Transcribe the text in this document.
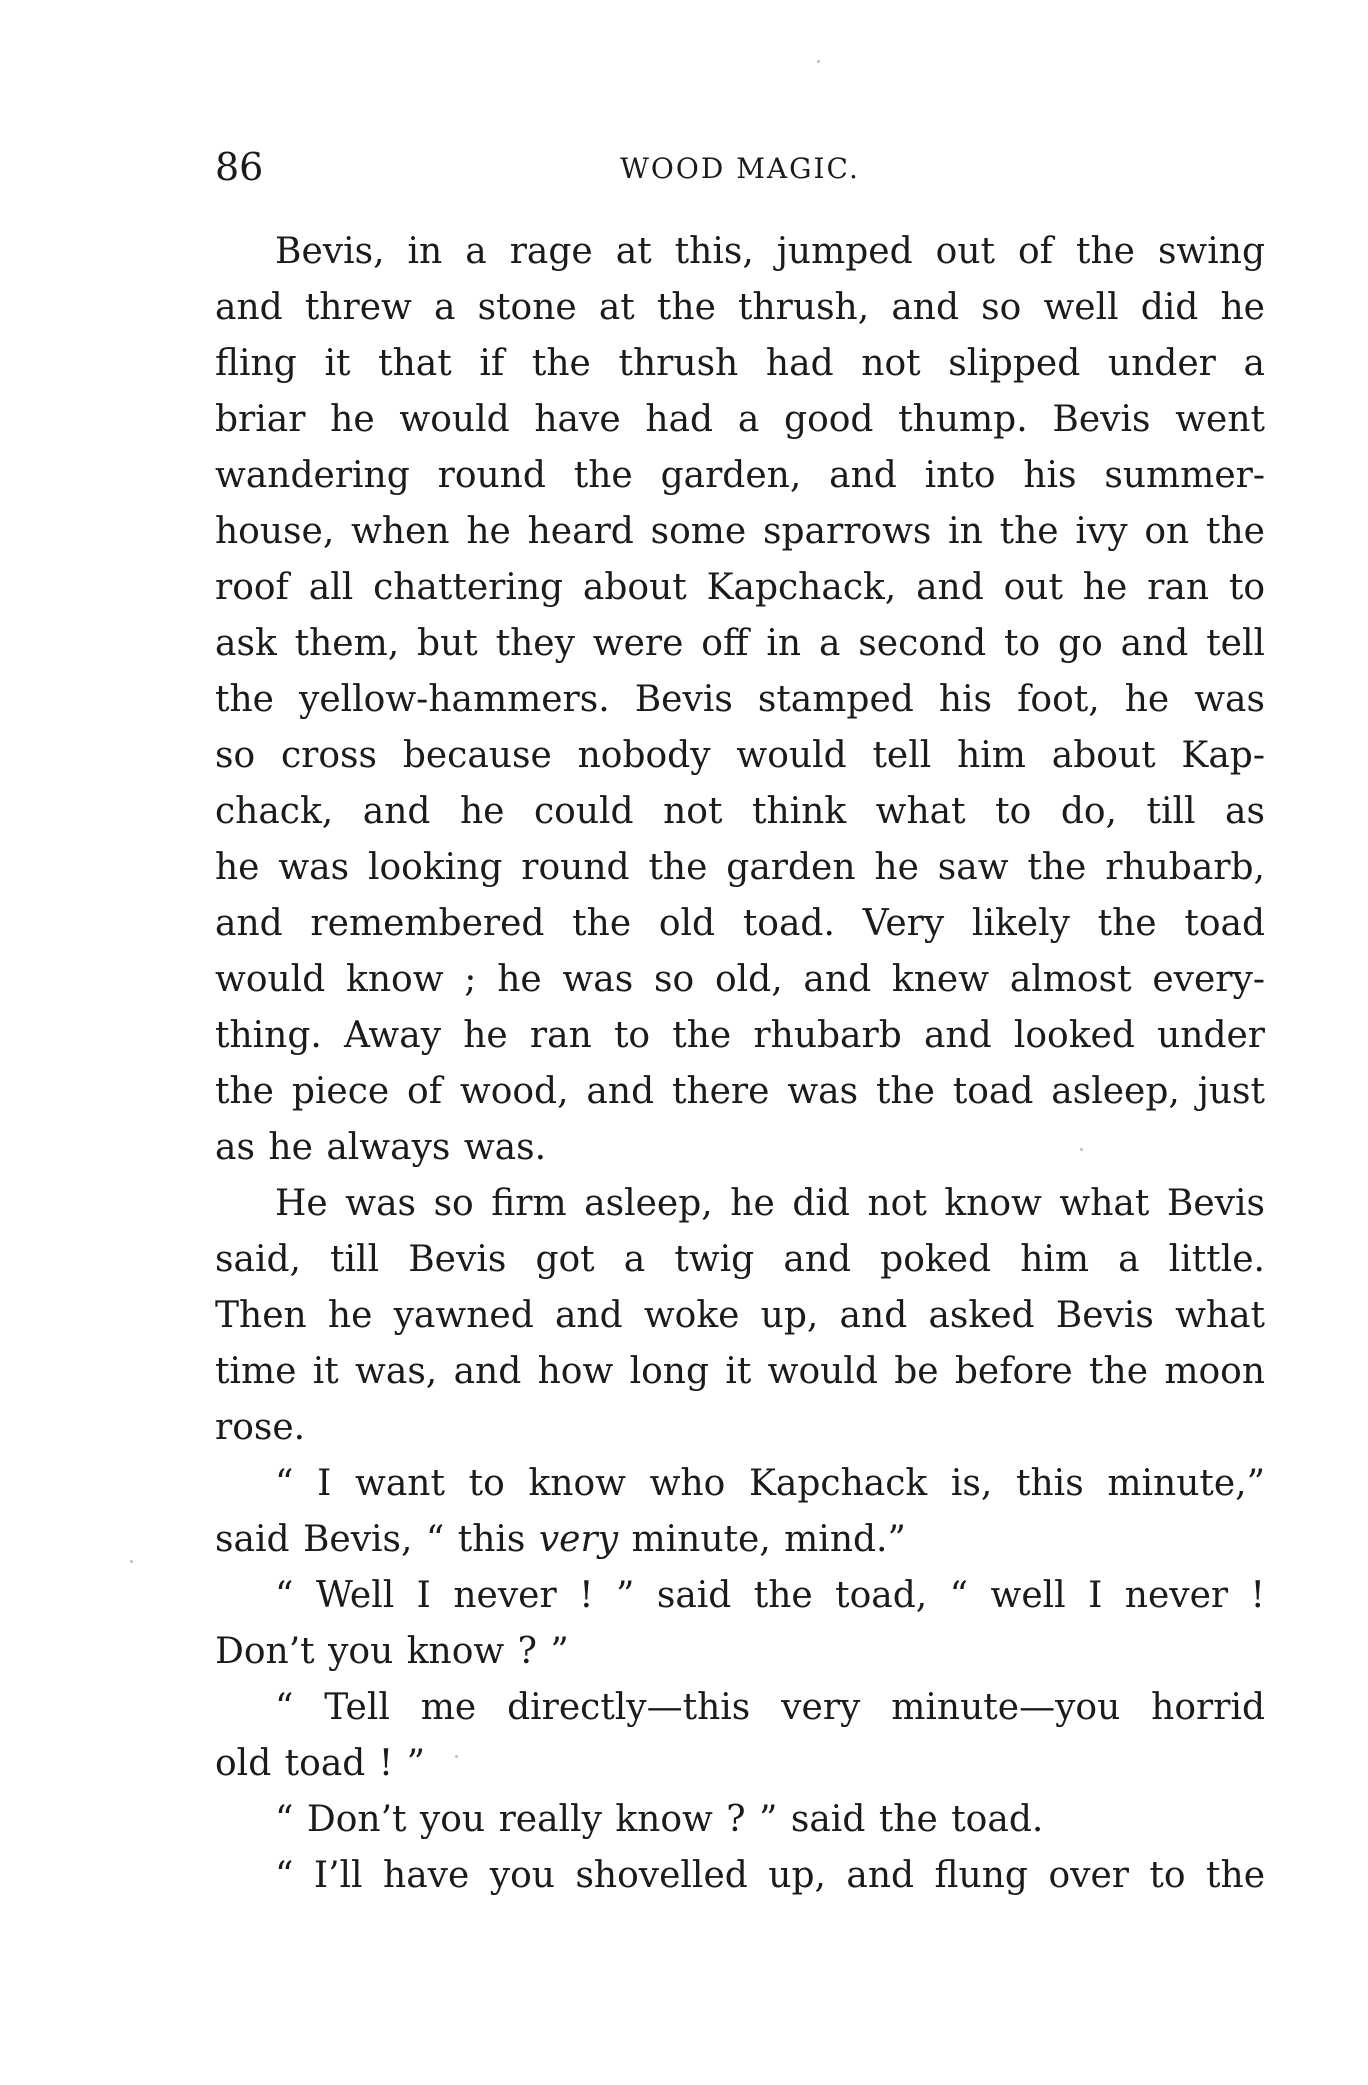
86	WOOD MAGIC.
Bevis, in a rage at this, jumped out of the swing
and threw a stone at the thrush, and so well did he
fling it that if the thrush had not slipped under a
briar he would have had a good thump. Bevis went
wandering round the garden, and into his summer-
house, when he heard some sparrows in the ivy on the
roof all chattering about Kapchack, and out he ran to
ask them, but they were off in a second to go and tell
the yellow-hammers. Bevis stamped his foot, he was
so cross because nobody would tell him about Kap-
chack, and he could not think what to do, till as
he was looking round the garden he saw the rhubarb,
and remembered the old toad. Very likely the toad
would know ; he was so old, and knew almost every-
thing. Away he ran to the rhubarb and looked under
the piece of wood, and there was the toad asleep, just
as he always was.
He was so firm asleep, he did not know what Bevis
said, till Bevis got a twig and poked him a little.
Then he yawned and woke up, and asked Bevis what
time it was, and how long it would be before the moon
rose.
“ I want to know who Kapchack is, this minute,”
said Bevis, “ this very minute, mind.”
“ Well I never ! ” said the toad, “ well I never !
Don’t you know ? ”
“ Tell me directly—this very minute—you horrid
old toad ! ”
“ Don’t you really know ? ” said the toad.
“ I’ll have you shovelled up, and flung over to the
